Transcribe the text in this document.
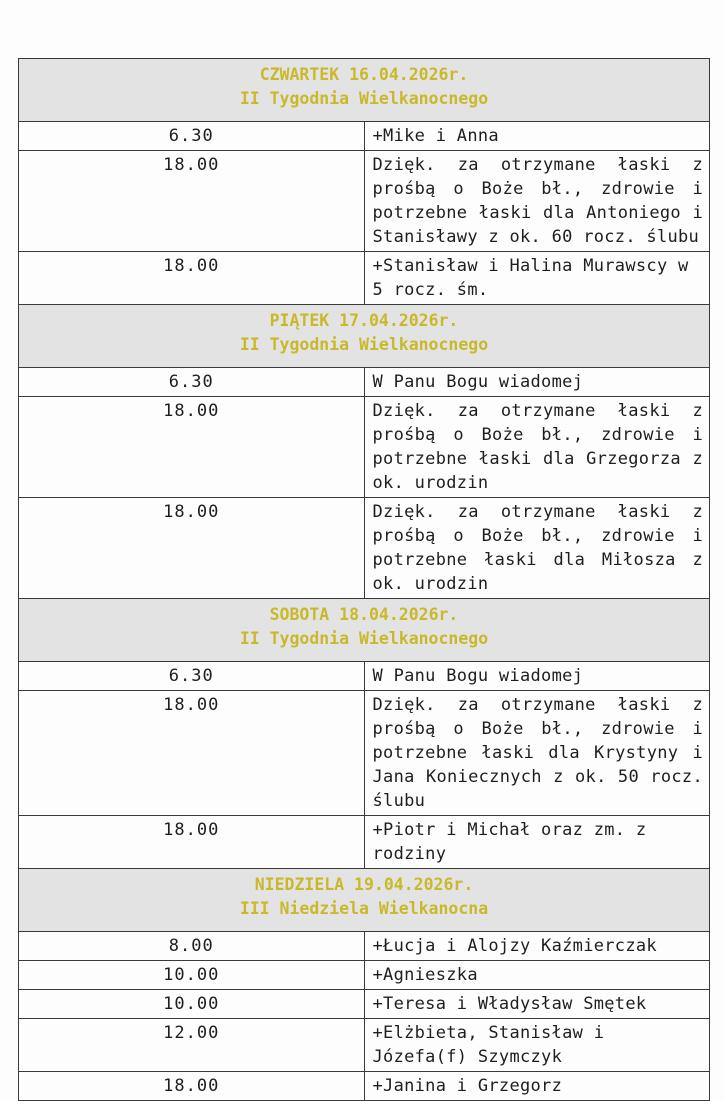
CZWARTEK 16.04.2026r.
II Tygodnia Wielkanocnego	

6.30	+Mike i Anna
18.00	Dzięk. za otrzymane łaski z prośbą o Boże bł., zdrowie i potrzebne łaski dla Antoniego i Stanisławy z ok. 60 rocz. ślubu
18.00	+Stanisław i Halina Murawscy w 5 rocz. śm.

PIĄTEK 17.04.2026r.
II Tygodnia Wielkanocnego	

6.30	W Panu Bogu wiadomej
18.00	Dzięk. za otrzymane łaski z prośbą o Boże bł., zdrowie i potrzebne łaski dla Grzegorza z ok. urodzin
18.00	Dzięk. za otrzymane łaski z prośbą o Boże bł., zdrowie i potrzebne łaski dla Miłosza z ok. urodzin

SOBOTA 18.04.2026r.
II Tygodnia Wielkanocnego	

6.30	W Panu Bogu wiadomej
18.00	Dzięk. za otrzymane łaski z prośbą o Boże bł., zdrowie i potrzebne łaski dla Krystyny i Jana Koniecznych z ok. 50 rocz. ślubu
18.00	+Piotr i Michał oraz zm. z rodziny

NIEDZIELA 19.04.2026r.
III Niedziela Wielkanocna	

8.00	+Łucja i Alojzy Kaźmierczak
10.00	+Agnieszka
10.00	+Teresa i Władysław Smętek
12.00	+Elżbieta, Stanisław i Józefa(f) Szymczyk
18.00	+Janina i Grzegorz
